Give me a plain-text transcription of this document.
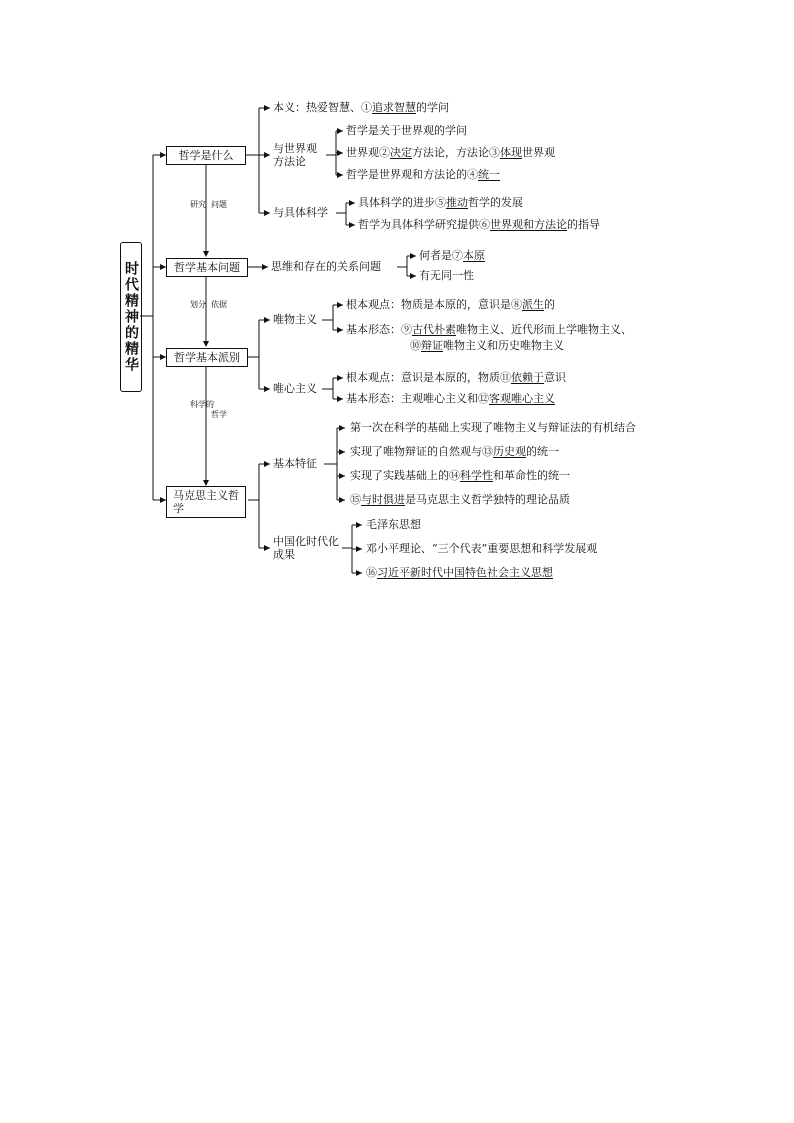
时代精神的精华
哲学是什么
哲学基本问题
哲学基本派别
马克思主义哲学
研究 问题
划分 依据
科学的
哲学
本义：热爱智慧、①追求智慧的学问
与世界观方法论
哲学是关于世界观的学问
世界观②决定方法论，方法论③体现世界观
哲学是世界观和方法论的④统一
与具体科学
具体科学的进步⑤推动哲学的发展
哲学为具体科学研究提供⑥世界观和方法论的指导
思维和存在的关系问题
何者是⑦本原
有无同一性
唯物主义
根本观点：物质是本原的，意识是⑧派生的
基本形态：⑨古代朴素唯物主义、近代形而上学唯物主义、
⑩辩证唯物主义和历史唯物主义
唯心主义
根本观点：意识是本原的，物质⑪依赖于意识
基本形态：主观唯心主义和⑫客观唯心主义
基本特征
第一次在科学的基础上实现了唯物主义与辩证法的有机结合
实现了唯物辩证的自然观与⑬历史观的统一
实现了实践基础上的⑭科学性和革命性的统一
⑮与时俱进是马克思主义哲学独特的理论品质
中国化时代化成果
毛泽东思想
邓小平理论、“三个代表”重要思想和科学发展观
⑯习近平新时代中国特色社会主义思想
